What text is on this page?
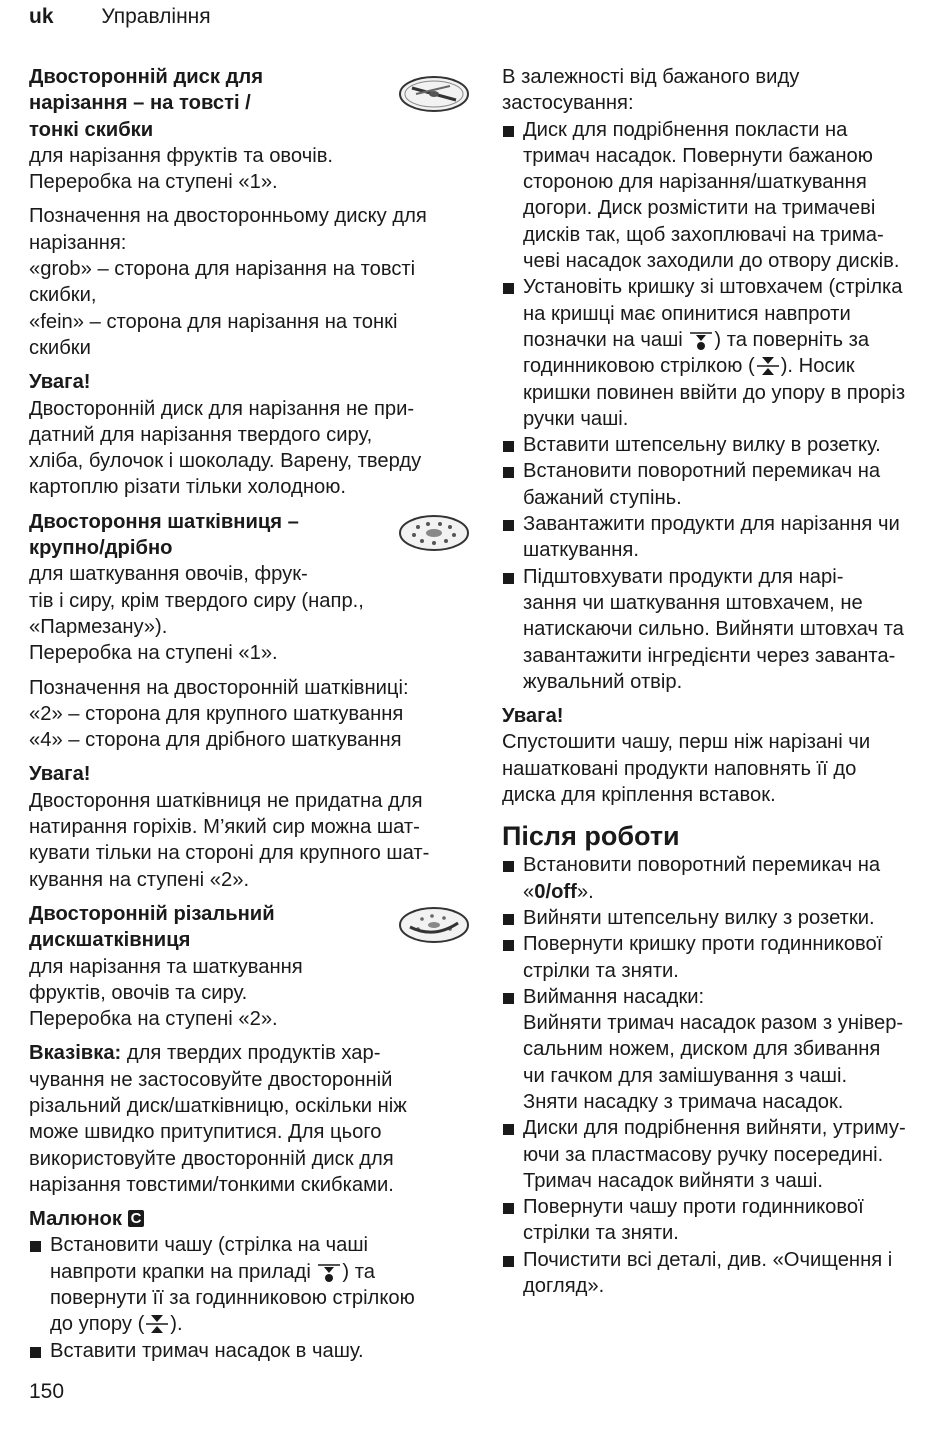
uk Управління
Двосторонній диск для
нарізання – на товсті /
тонкі скибки

для нарізання фруктів та овочів.

Переробка на ступені «1».

Позначення на двосторонньому диску для

нарізання:

«grob» – сторона для нарізання на товсті

скибки,

«fein» – сторона для нарізання на тонкі

скибки

Увага!

Двосторонній диск для нарізання не при-

датний для нарізання твердого сиру,

хліба, булочок і шоколаду. Варену, тверду

картоплю різати тільки холодною.

Двостороння шатківниця –
крупно/дрібно

для шаткування овочів, фрук-

тів і сиру, крім твердого сиру (напр.,

«Пармезану»).

Переробка на ступені «1».

Позначення на двосторонній шатківниці:

«2» – сторона для крупного шаткування

«4» – сторона для дрібного шаткування

Увага!

Двостороння шатківниця не придатна для

натирання горіхів. М’який сир можна шат-

кувати тільки на стороні для крупного шат-

кування на ступені «2».

Двосторонній різальний
дискшатківниця

для нарізання та шаткування

фруктів, овочів та сиру.

Переробка на ступені «2».

Вказівка: для твердих продуктів хар-

чування не застосовуйте двосторонній

різальний диск/шатківницю, оскільки ніж

може швидко притупитися. Для цього

використовуйте двосторонній диск для

нарізання товстими/тонкими скибками.

Малюнок C

Встановити чашу (стрілка на чаші
навпроти крапки на приладі ) та
повернути її за годинниковою стрілкою
до упору ( ).
Вставити тримач насадок в чашу.

В залежності від бажаного виду

застосування:

Диск для подрібнення покласти на
тримач насадок. Повернути бажаною
стороною для нарізання/шаткування
догори. Диск розмістити на тримачеві
дисків так, щоб захоплювачі на трима-
чеві насадок заходили до отвору дисків.
Установіть кришку зі штовхачем (стрілка
на кришці має опинитися навпроти
позначки на чаші ) та поверніть за
годинниковою стрілкою ( ). Носик
кришки повинен ввійти до упору в проріз
ручки чаші.
Вставити штепсельну вилку в розетку.
Встановити поворотний перемикач на
бажаний ступінь.
Завантажити продукти для нарізання чи
шаткування.
Підштовхувати продукти для нарі-
зання чи шаткування штовхачем, не
натискаючи сильно. Вийняти штовхач та
завантажити інгредієнти через заванта-
жувальний отвір.

Увага!

Спустошити чашу, перш ніж нарізані чи

нашатковані продукти наповнять її до

диска для кріплення вставок.

Після роботи
Встановити поворотний перемикач на
«0/off».
Вийняти штепсельну вилку з розетки.
Повернути кришку проти годинникової
стрілки та зняти.
Виймання насадки:
Вийняти тримач насадок разом з універ-
сальним ножем, диском для збивання
чи гачком для замішування з чаші.
Зняти насадку з тримача насадок.
Диски для подрібнення вийняти, утриму-
ючи за пластмасову ручку посередині.
Тримач насадок вийняти з чаші.
Повернути чашу проти годинникової
стрілки та зняти.
Почистити всі деталі, див. «Очищення і
догляд».
150
